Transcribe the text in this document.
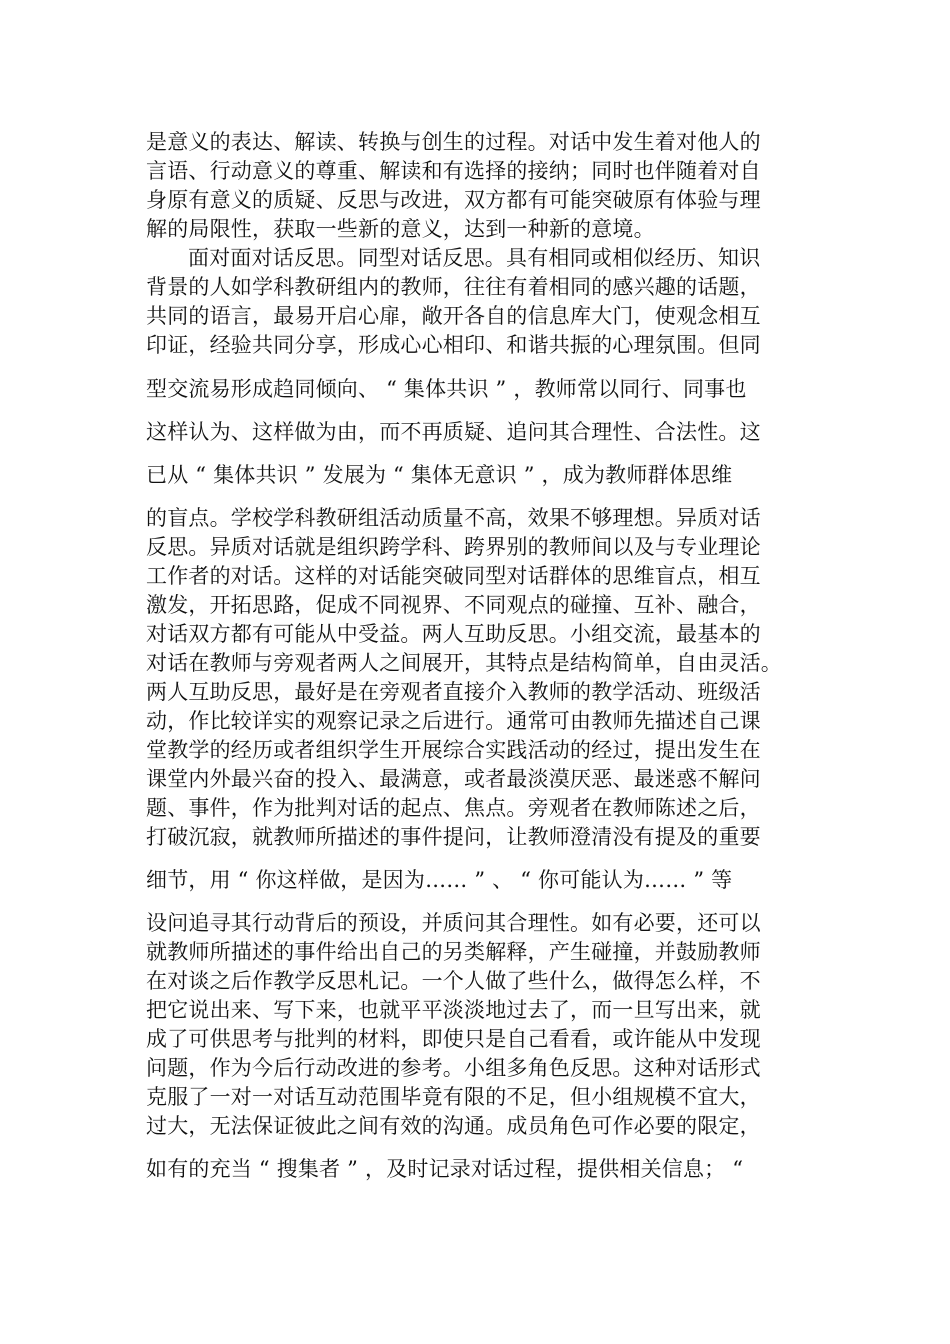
是意义的表达、解读、转换与创生的过程。对话中发生着对他人的
言语、行动意义的尊重、解读和有选择的接纳；同时也伴随着对自
身原有意义的质疑、反思与改进，双方都有可能突破原有体验与理
解的局限性，获取一些新的意义，达到一种新的意境。
面对面对话反思。同型对话反思。具有相同或相似经历、知识
背景的人如学科教研组内的教师，往往有着相同的感兴趣的话题，
共同的语言，最易开启心扉，敞开各自的信息库大门，使观念相互
印证，经验共同分享，形成心心相印、和谐共振的心理氛围。但同
型交流易形成趋同倾向、 “ 集体共识 ” ，教师常以同行、同事也
这样认为、这样做为由，而不再质疑、追问其合理性、合法性。这
已从 “ 集体共识 ” 发展为 “ 集体无意识 ” ，成为教师群体思维
的盲点。学校学科教研组活动质量不高，效果不够理想。异质对话
反思。异质对话就是组织跨学科、跨界别的教师间以及与专业理论
工作者的对话。这样的对话能突破同型对话群体的思维盲点，相互
激发，开拓思路，促成不同视界、不同观点的碰撞、互补、融合，
对话双方都有可能从中受益。两人互助反思。小组交流，最基本的
对话在教师与旁观者两人之间展开，其特点是结构简单，自由灵活。
两人互助反思，最好是在旁观者直接介入教师的教学活动、班级活
动，作比较详实的观察记录之后进行。通常可由教师先描述自己课
堂教学的经历或者组织学生开展综合实践活动的经过，提出发生在
课堂内外最兴奋的投入、最满意，或者最淡漠厌恶、最迷惑不解问
题、事件，作为批判对话的起点、焦点。旁观者在教师陈述之后，
打破沉寂，就教师所描述的事件提问，让教师澄清没有提及的重要
细节，用 “ 你这样做，是因为…… ” 、 “ 你可能认为…… ” 等
设问追寻其行动背后的预设，并质问其合理性。如有必要，还可以
就教师所描述的事件给出自己的另类解释，产生碰撞，并鼓励教师
在对谈之后作教学反思札记。一个人做了些什么，做得怎么样，不
把它说出来、写下来，也就平平淡淡地过去了，而一旦写出来，就
成了可供思考与批判的材料，即使只是自己看看，或许能从中发现
问题，作为今后行动改进的参考。小组多角色反思。这种对话形式
克服了一对一对话互动范围毕竟有限的不足，但小组规模不宜大，
过大，无法保证彼此之间有效的沟通。成员角色可作必要的限定，
如有的充当 “ 搜集者 ” ，及时记录对话过程，提供相关信息； “
